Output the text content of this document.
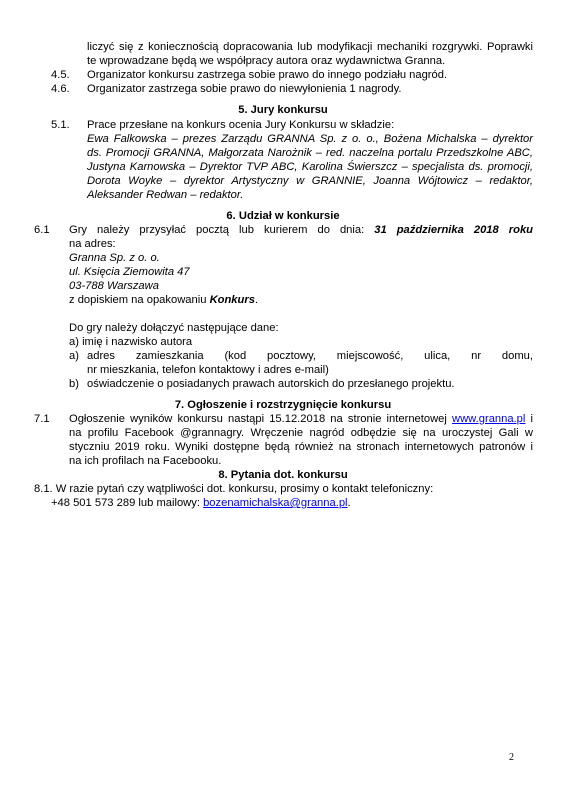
liczyć się z koniecznością dopracowania lub modyfikacji mechaniki rozgrywki. Poprawki
te wprowadzane będą we współpracy autora oraz wydawnictwa Granna.
4.5. Organizator konkursu zastrzega sobie prawo do innego podziału nagród.
4.6. Organizator zastrzega sobie prawo do niewyłonienia 1 nagrody.
5. Jury konkursu
5.1. Prace przesłane na konkurs ocenia Jury Konkursu w składzie:
Ewa Falkowska – prezes Zarządu GRANNA Sp. z o. o., Bożena Michalska – dyrektor
ds. Promocji GRANNA, Małgorzata Narożnik – red. naczelna portalu Przedszkolne ABC,
Justyna Karnowska – Dyrektor TVP ABC, Karolina Świerszcz – specjalista ds. promocji,
Dorota Woyke – dyrektor Artystyczny w GRANNIE, Joanna Wójtowicz – redaktor,
Aleksander Redwan – redaktor.
6. Udział w konkursie
6.1 Gry należy przysyłać pocztą lub kurierem do dnia: 31 października 2018 roku
na adres:
Granna Sp. z o. o.
ul. Księcia Ziemowita 47
03-788 Warszawa
z dopiskiem na opakowaniu Konkurs.
Do gry należy dołączyć następujące dane:
a) imię i nazwisko autora
a) adres zamieszkania (kod pocztowy, miejscowość, ulica, nr domu,
nr mieszkania, telefon kontaktowy i adres e-mail)
b) oświadczenie o posiadanych prawach autorskich do przesłanego projektu.
7. Ogłoszenie i rozstrzygnięcie konkursu
7.1 Ogłoszenie wyników konkursu nastąpi 15.12.2018 na stronie internetowej www.granna.pl i
na profilu Facebook @grannagry. Wręczenie nagród odbędzie się na uroczystej Gali w
styczniu 2019 roku. Wyniki dostępne będą również na stronach internetowych patronów i
na ich profilach na Facebooku.
8. Pytania dot. konkursu
8.1. W razie pytań czy wątpliwości dot. konkursu, prosimy o kontakt telefoniczny:
+48 501 573 289 lub mailowy: bozenamichalska@granna.pl.
2
